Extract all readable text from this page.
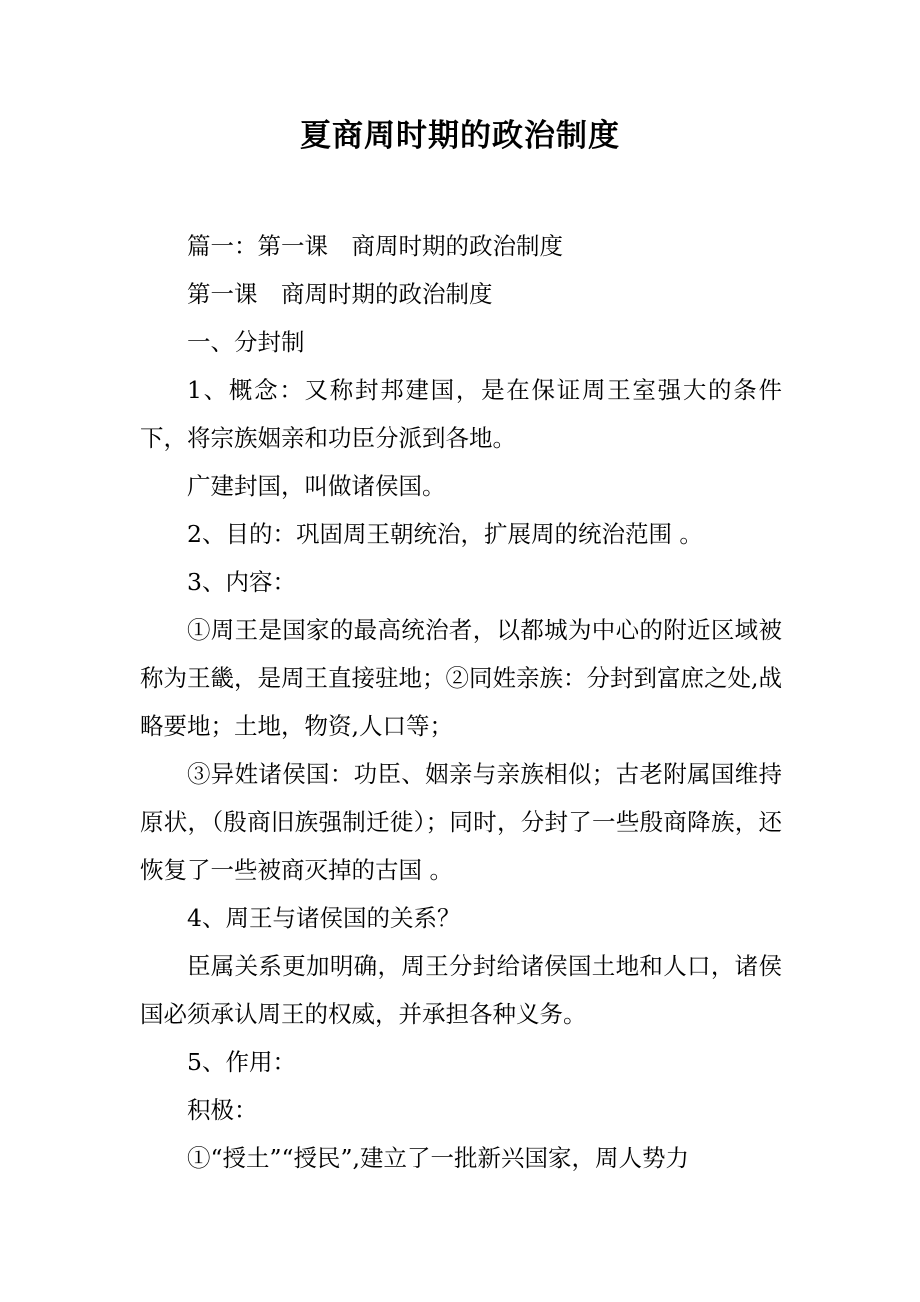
夏商周时期的政治制度

篇一：第一课　商周时期的政治制度

第一课　商周时期的政治制度

一、分封制

1、概念：又称封邦建国，是在保证周王室强大的条件下，将宗族姻亲和功臣分派到各地。

广建封国，叫做诸侯国。

2、目的：巩固周王朝统治，扩展周的统治范围 。

3、内容：

①周王是国家的最高统治者，以都城为中心的附近区域被称为王畿，是周王直接驻地；②同姓亲族：分封到富庶之处,战略要地；土地，物资,人口等；

③异姓诸侯国：功臣、姻亲与亲族相似；古老附属国维持原状，（殷商旧族强制迁徙）；同时，分封了一些殷商降族，还恢复了一些被商灭掉的古国 。

4、周王与诸侯国的关系？

臣属关系更加明确，周王分封给诸侯国土地和人口，诸侯国必须承认周王的权威，并承担各种义务。

5、作用：

积极：

①“授土”“授民”,建立了一批新兴国家，周人势力
